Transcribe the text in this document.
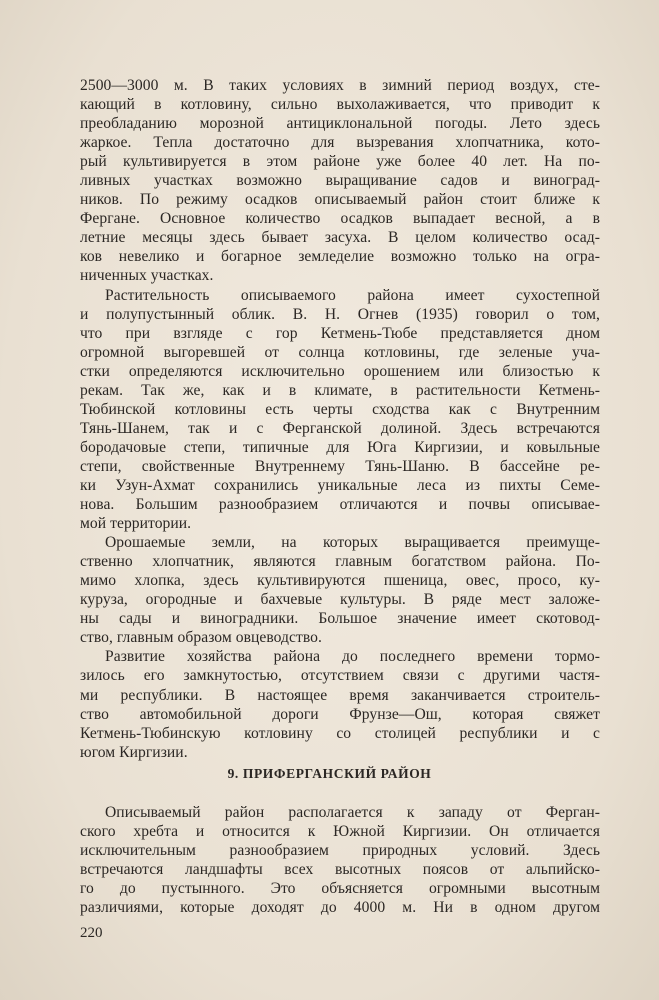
2500—3000 м. В таких условиях в зимний период воздух, сте-
кающий в котловину, сильно выхолаживается, что приводит к
преобладанию морозной антициклональной погоды. Лето здесь
жаркое. Тепла достаточно для вызревания хлопчатника, кото-
рый культивируется в этом районе уже более 40 лет. На по-
ливных участках возможно выращивание садов и виноград-
ников. По режиму осадков описываемый район стоит ближе к
Фергане. Основное количество осадков выпадает весной, а в
летние месяцы здесь бывает засуха. В целом количество осад-
ков невелико и богарное земледелие возможно только на огра-
ниченных участках.
Растительность описываемого района имеет сухостепной
и полупустынный облик. В. Н. Огнев (1935) говорил о том,
что при взгляде с гор Кетмень-Тюбе представляется дном
огромной выгоревшей от солнца котловины, где зеленые уча-
стки определяются исключительно орошением или близостью к
рекам. Так же, как и в климате, в растительности Кетмень-
Тюбинской котловины есть черты сходства как с Внутренним
Тянь-Шанем, так и с Ферганской долиной. Здесь встречаются
бородачовые степи, типичные для Юга Киргизии, и ковыльные
степи, свойственные Внутреннему Тянь-Шаню. В бассейне ре-
ки Узун-Ахмат сохранились уникальные леса из пихты Семе-
нова. Большим разнообразием отличаются и почвы описывае-
мой территории.
Орошаемые земли, на которых выращивается преимуще-
ственно хлопчатник, являются главным богатством района. По-
мимо хлопка, здесь культивируются пшеница, овес, просо, ку-
куруза, огородные и бахчевые культуры. В ряде мест заложе-
ны сады и виноградники. Большое значение имеет скотовод-
ство, главным образом овцеводство.
Развитие хозяйства района до последнего времени тормо-
зилось его замкнутостью, отсутствием связи с другими частя-
ми республики. В настоящее время заканчивается строитель-
ство автомобильной дороги Фрунзе—Ош, которая свяжет
Кетмень-Тюбинскую котловину со столицей республики и с
югом Киргизии.
9. ПРИФЕРГАНСКИЙ РАЙОН
Описываемый район располагается к западу от Ферган-
ского хребта и относится к Южной Киргизии. Он отличается
исключительным разнообразием природных условий. Здесь
встречаются ландшафты всех высотных поясов от альпийско-
го до пустынного. Это объясняется огромными высотным
различиями, которые доходят до 4000 м. Ни в одном другом
220
